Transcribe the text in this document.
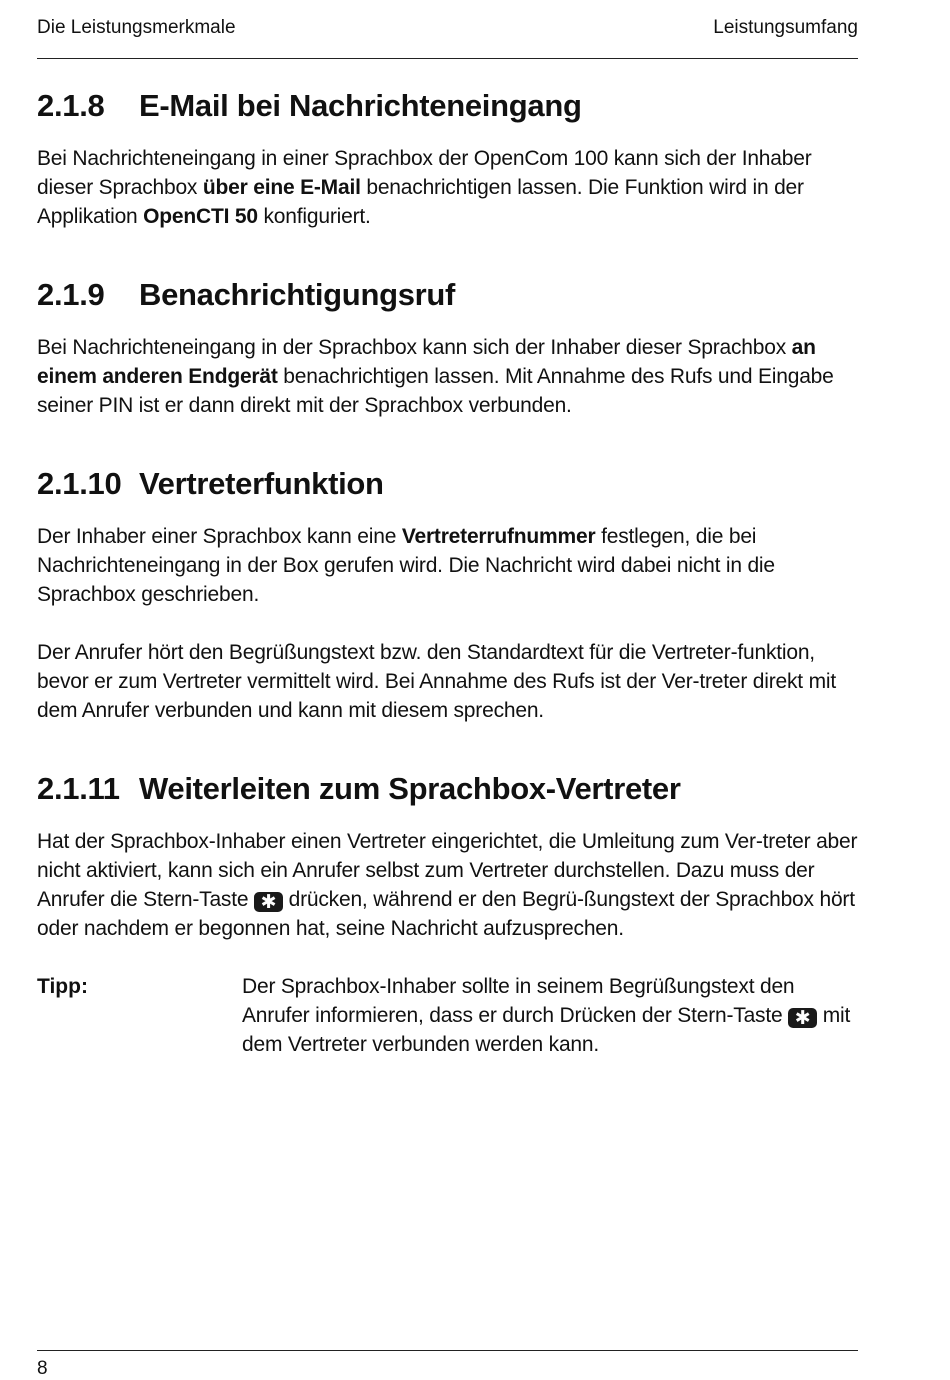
Die Leistungsmerkmale	Leistungsumfang
2.1.8 E-Mail bei Nachrichteneingang

Bei Nachrichteneingang in einer Sprachbox der OpenCom 100 kann sich der Inhaber dieser Sprachbox über eine E-Mail benachrichtigen lassen. Die Funktion wird in der Applikation OpenCTI 50 konfiguriert.

2.1.9 Benachrichtigungsruf

Bei Nachrichteneingang in der Sprachbox kann sich der Inhaber dieser Sprachbox an einem anderen Endgerät benachrichtigen lassen. Mit Annahme des Rufs und Eingabe seiner PIN ist er dann direkt mit der Sprachbox verbunden.

2.1.10 Vertreterfunktion

Der Inhaber einer Sprachbox kann eine Vertreterrufnummer festlegen, die bei Nachrichteneingang in der Box gerufen wird. Die Nachricht wird dabei nicht in die Sprachbox geschrieben.

Der Anrufer hört den Begrüßungstext bzw. den Standardtext für die Vertreter-funktion, bevor er zum Vertreter vermittelt wird. Bei Annahme des Rufs ist der Ver-treter direkt mit dem Anrufer verbunden und kann mit diesem sprechen.

2.1.11 Weiterleiten zum Sprachbox-Vertreter

Hat der Sprachbox-Inhaber einen Vertreter eingerichtet, die Umleitung zum Ver-treter aber nicht aktiviert, kann sich ein Anrufer selbst zum Vertreter durchstellen. Dazu muss der Anrufer die Stern-Taste ✱ drücken, während er den Begrü-ßungstext der Sprachbox hört oder nachdem er begonnen hat, seine Nachricht aufzusprechen.

Tipp:	Der Sprachbox-Inhaber sollte in seinem Begrüßungstext den Anrufer informieren, dass er durch Drücken der Stern-Taste ✱ mit dem Vertreter verbunden werden kann.

8
